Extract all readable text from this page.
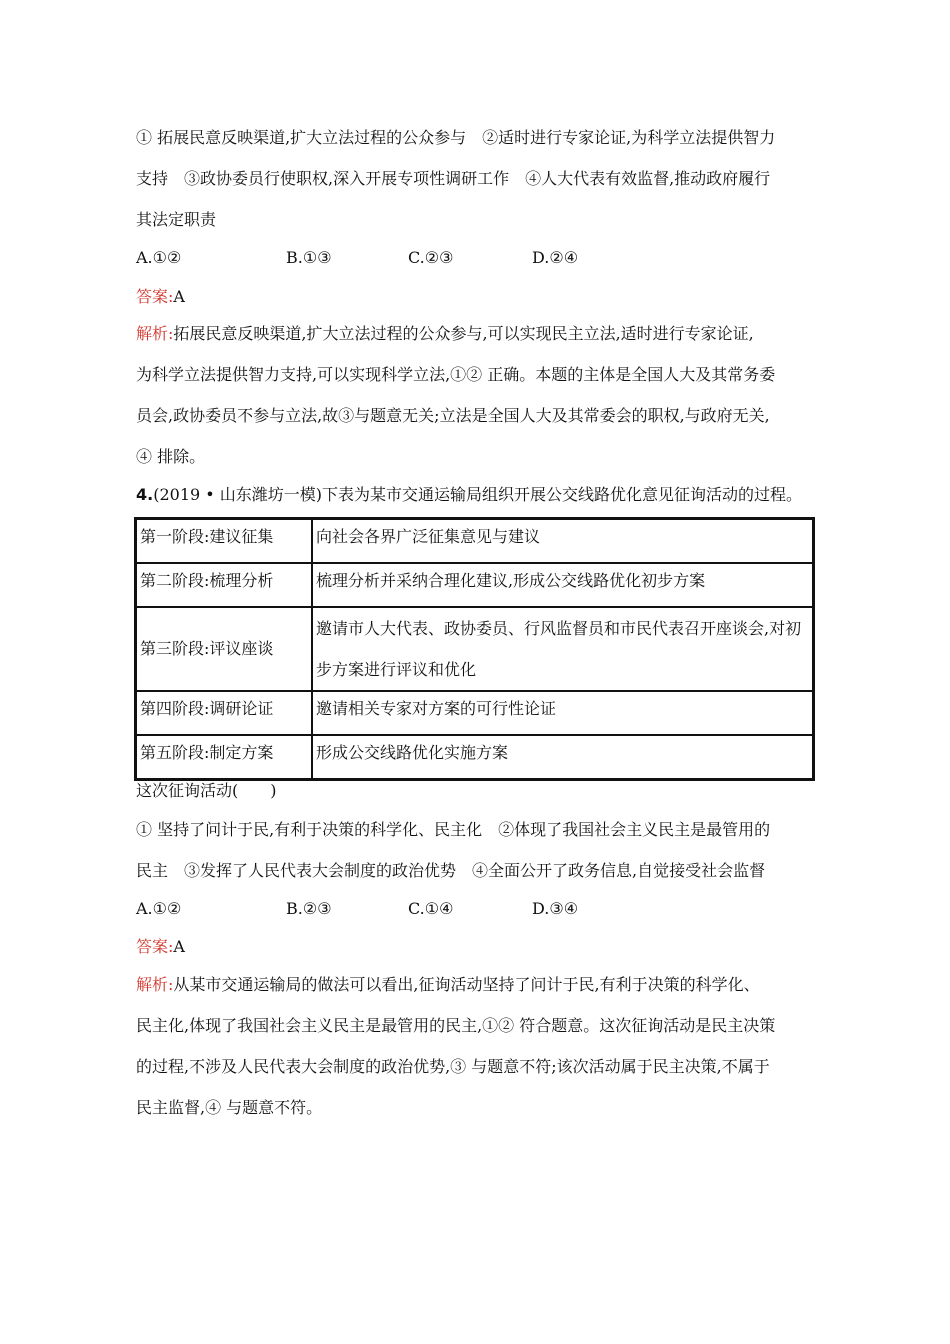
① 拓展民意反映渠道,扩大立法过程的公众参与　②适时进行专家论证,为科学立法提供智力
支持　③政协委员行使职权,深入开展专项性调研工作　④人大代表有效监督,推动政府履行
其法定职责
A.①②	B.①③	C.②③	D.②④
答案:A
解析:拓展民意反映渠道,扩大立法过程的公众参与,可以实现民主立法,适时进行专家论证,
为科学立法提供智力支持,可以实现科学立法,①② 正确。本题的主体是全国人大及其常务委
员会,政协委员不参与立法,故③与题意无关;立法是全国人大及其常委会的职权,与政府无关,
④ 排除。
4.(2019 • 山东潍坊一模)下表为某市交通运输局组织开展公交线路优化意见征询活动的过程。
第一阶段:建议征集	向社会各界广泛征集意见与建议
第二阶段:梳理分析	梳理分析并采纳合理化建议,形成公交线路优化初步方案
第三阶段:评议座谈	邀请市人大代表、政协委员、行风监督员和市民代表召开座谈会,对初步方案进行评议和优化
第四阶段:调研论证	邀请相关专家对方案的可行性论证
第五阶段:制定方案	形成公交线路优化实施方案
这次征询活动(　　)
① 坚持了问计于民,有利于决策的科学化、民主化　②体现了我国社会主义民主是最管用的
民主　③发挥了人民代表大会制度的政治优势　④全面公开了政务信息,自觉接受社会监督
A.①②	B.②③	C.①④	D.③④
答案:A
解析:从某市交通运输局的做法可以看出,征询活动坚持了问计于民,有利于决策的科学化、
民主化,体现了我国社会主义民主是最管用的民主,①② 符合题意。这次征询活动是民主决策
的过程,不涉及人民代表大会制度的政治优势,③ 与题意不符;该次活动属于民主决策,不属于
民主监督,④ 与题意不符。
